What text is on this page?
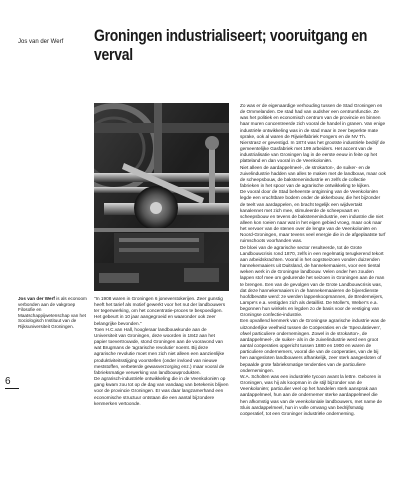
Jos van der Werf Groningen industrialiseert; vooruitgang en verval
Jos van der Werf is als econoom verbonden aan de vakgroep Filosofie en Maatschappijwetenschap van het Sociologisch Instituut van de Rijksuniversiteit Groningen.
6

"In 1908 waren in Groningen 6 joneverstokerijen. Zeer gunstig heeft het tarief als motief gewerkt voor het nut der landbouwers ter tegenwerking, om het concentratie-proces te bespoedigen. Het gebeurt in 10 jaar aangegroeid en waaronder ook zeer belangrijke bevonden."

Toen H.C.van Hall, hoogleraar landbouwkunde aan de Universiteit van Groningen, deze woorden in 1842 aan het papier toevertrouwde, stond Groningen aan de vooravond van wat Brugmans de 'agrarische revolutie' noemt. Bij deze agrarische revolutie moet men zich niet alleen een aanzienlijke produktiviteitsstijging voorstellen (onder invloed van nieuwe meststoffen, verbeterde gewasverzorging enz.) maar vooral de fabrieksmatige verwerking van landbouwprodukten.

De agrarisch-industriële ontwikkeling die in de Veenkoloniën op gang kwam zou tot op de dag van vandaag van betekenis blijven voor de provincie Groningen. Er was daar langzamerhand een economische structuur ontstaan die een aantal bijzondere kenmerken vertoonde.

Zo was er de eigenaardige verhouding tussen de Stad Groningen en de Ommelanden. De stad had van oudsher een centrumfunctie. Ze was het politiek en economisch centrum van de provincie en binnen haar muren concentreerde zich vooral de handel in granen. Van enige industriële ontwikkeling was in de stad maar in zeer beperkte mate sprake, ook al waren de Rijwielfabriek Fongers en de NV Th. Nierstrasz er gevestigd. In 1874 was het grootste industriële bedrijf de gemeentelijke Gasfabriek met 199 arbeiders. Het accent van de industrialisatie van Groningen lag in de eerste eeuw in feite op het platteland en dan vooral in de Veenkoloniën.

Niet alleen de aardappelmeel-, de strokarton-, de suiker- en de zuivelindustrie hadden van alles te maken met de landbouw, maar ook de scheepsbouw, de bakstenenindustrie en zelfs de collectie fabrieken in het spoor van de agrarische ontwikkeling te kijken.

De vooral door de Stad beheerste ontginning van de Veenkoloniën legde een vruchtbare bodem onder de akkerbouw, die het bijzonder de teelt van aardappelen, en bracht tegelijk een wijdvertakt kanalennet met zich mee, stimuleerde de scheepvaart en scheepsbouw en tevens de bakstenenindustrie, een industrie die niet alleen kon roeien naar wat in het eigen gebied vroeg, maar ook naar het vervoer van de stenen over de lengte van de Veenkoloniën en Noord-Groningen, maar tevens veel energie die in de afgeplaatste turf ruimschoots voorhanden was.

De bloei van de agrarische sector resulteerde, tot de Grote Landbouwcrisis rond 1870, zelfs in een regelmatig terugkerend tekort aan arbeidskrachten. Vooral in het oogstseizoen vonden duizenden hannekemaaiers uit Duitsland, de hannekemaaiers, voor een tiental weken werk in de Groningse landbouw. Velen onder hen zouden lappen stof mee om gedurende het seizoen in Groningen aan de man te brengen. Een van de gevolgen van de Grote Landbouwcrisis was, dat deze hannekemaaiers in de hannekemaaieren de bijverdienste hoofdbevatte werd: ze werden lappenkoopmannen, de Bredemeijers, Lampe's e.a. vestigden zich als detaillist. De Moller's, Weber's e.a. begonnen hun winkels en legden zo de basis voor de vestiging van Groningse confectie-industrie.

Een opvallend kenmerk van de Groningse agrarische industrie was de uitzonderlijke veelheid tussen de Coöperaties en de 'Speculatieven', ofwel particuliere ondernemingen. Zowel in de strokarton-, de aardappelmeel-, de suiker- als in de zuivelindustrie werd een groot aantal coöperaties opgericht tussen 1880 en 1900 en waren de particuliere ondernemers, vooral die van de coöperaties, van de bij hen aangesloten landbouwers afhankelijk, zeer sterk aangesloten of bepaalde grote fabrieksmatige tendenties van de particuliere ondernemingen.

W.A. Scholten was een industriële tycoon avant la lettre. Geboren in Groningen, was hij als koopman in de stijl bijzonder van de Veenkoloniën; particulier veel op het handelen sterk aansprak aan aardappelmeel, hun aan de ondernemer sterke aardappelmeel die hen afkomstig was van de veenkoloniale landbouwers, met name de Sluis aardappelmeel, hun in volle omvang van bedrijfsmatig coöperatief, tot een Groninger industriële onderneming.
